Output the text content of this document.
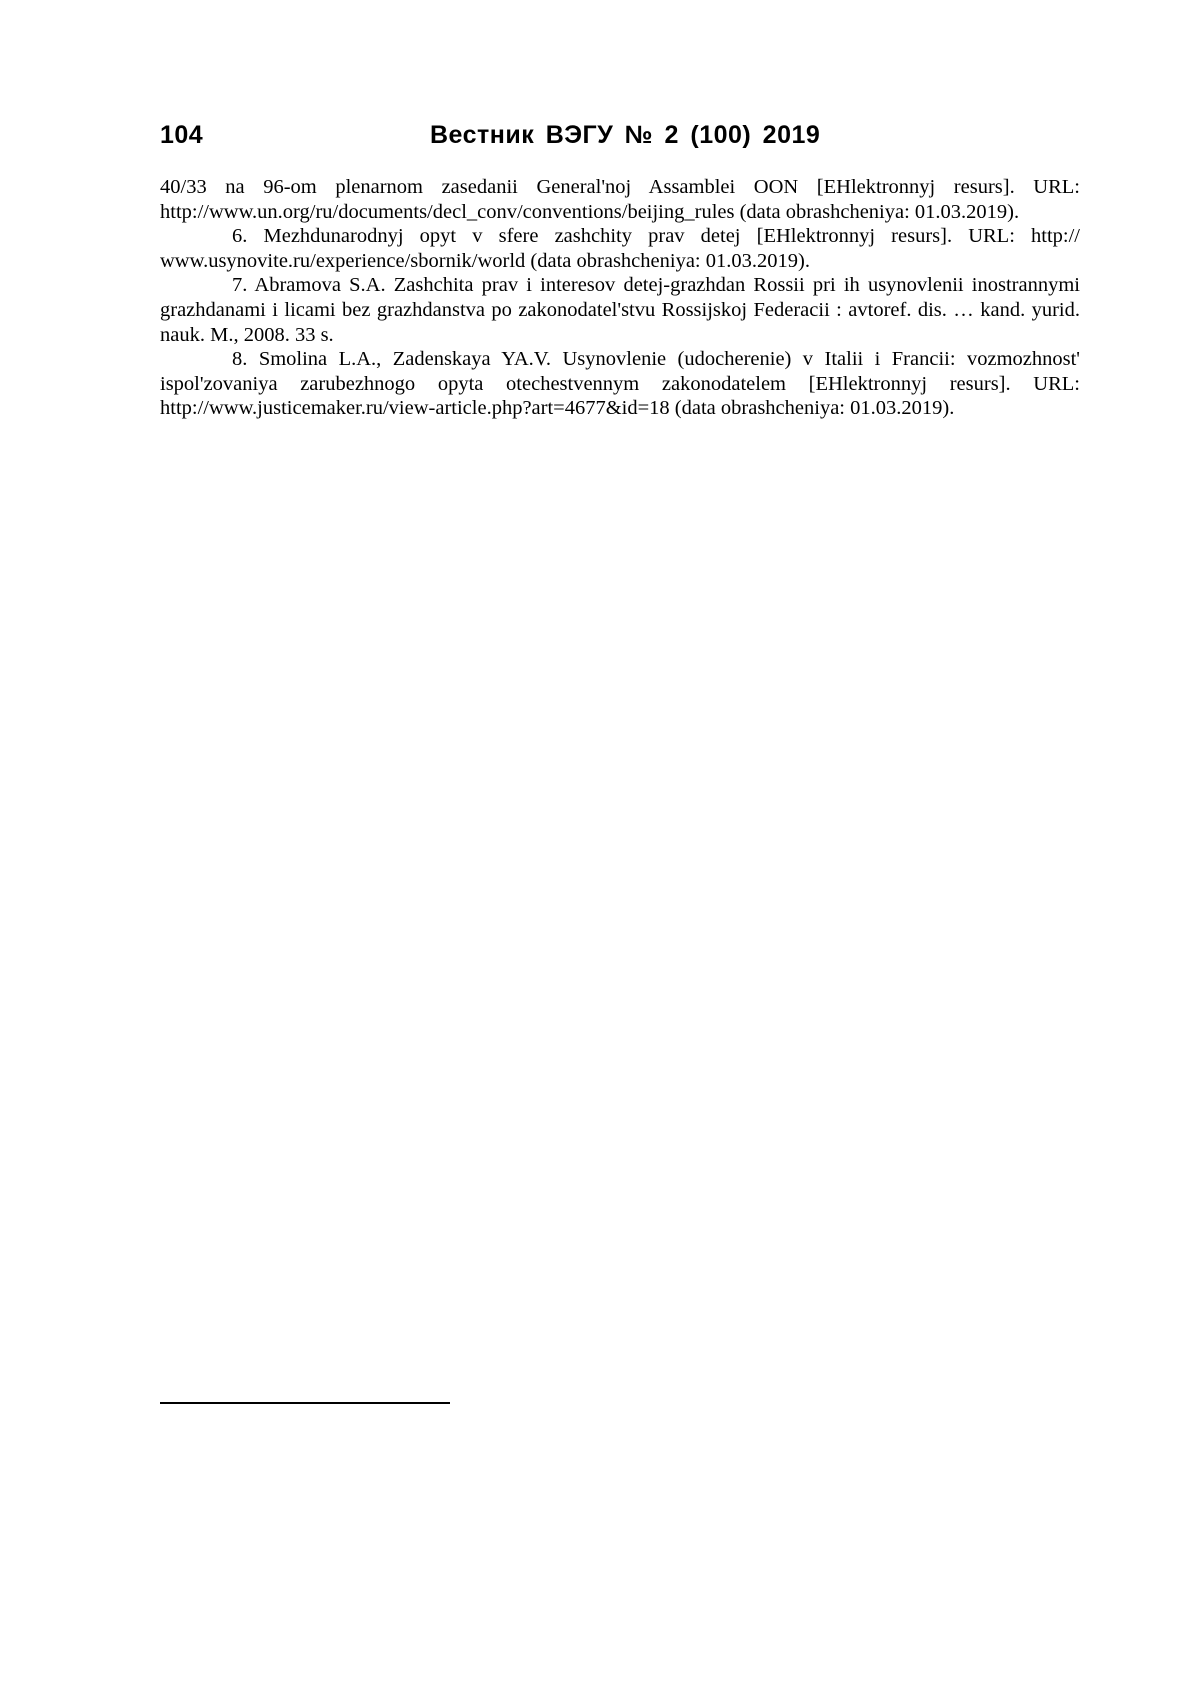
104	Вестник ВЭГУ № 2 (100) 2019

40/33 na 96-om plenarnom zasedanii General'noj Assamblei OON [EHlektronnyj resurs]. URL: http://www.un.org/ru/documents/decl_conv/conventions/beijing_rules (data obrashcheniya: 01.03.2019).

6. Mezhdunarodnyj opyt v sfere zashchity prav detej [EHlektronnyj resurs]. URL: http:// www.usynovite.ru/experience/sbornik/world (data obrashcheniya: 01.03.2019).

7. Abramova S.A. Zashchita prav i interesov detej-grazhdan Rossii pri ih usynovlenii inostrannymi grazhdanami i licami bez grazhdanstva po zakonodatel'stvu Rossijskoj Federacii : avtoref. dis. … kand. yurid. nauk. M., 2008. 33 s.

8. Smolina L.A., Zadenskaya YA.V. Usynovlenie (udocherenie) v Italii i Francii: vozmozhnost' ispol'zovaniya zarubezhnogo opyta otechestvennym zakonodatelem [EHlektronnyj resurs]. URL: http://www.justicemaker.ru/view-article.php?art=4677&id=18 (data obrashcheniya: 01.03.2019).
